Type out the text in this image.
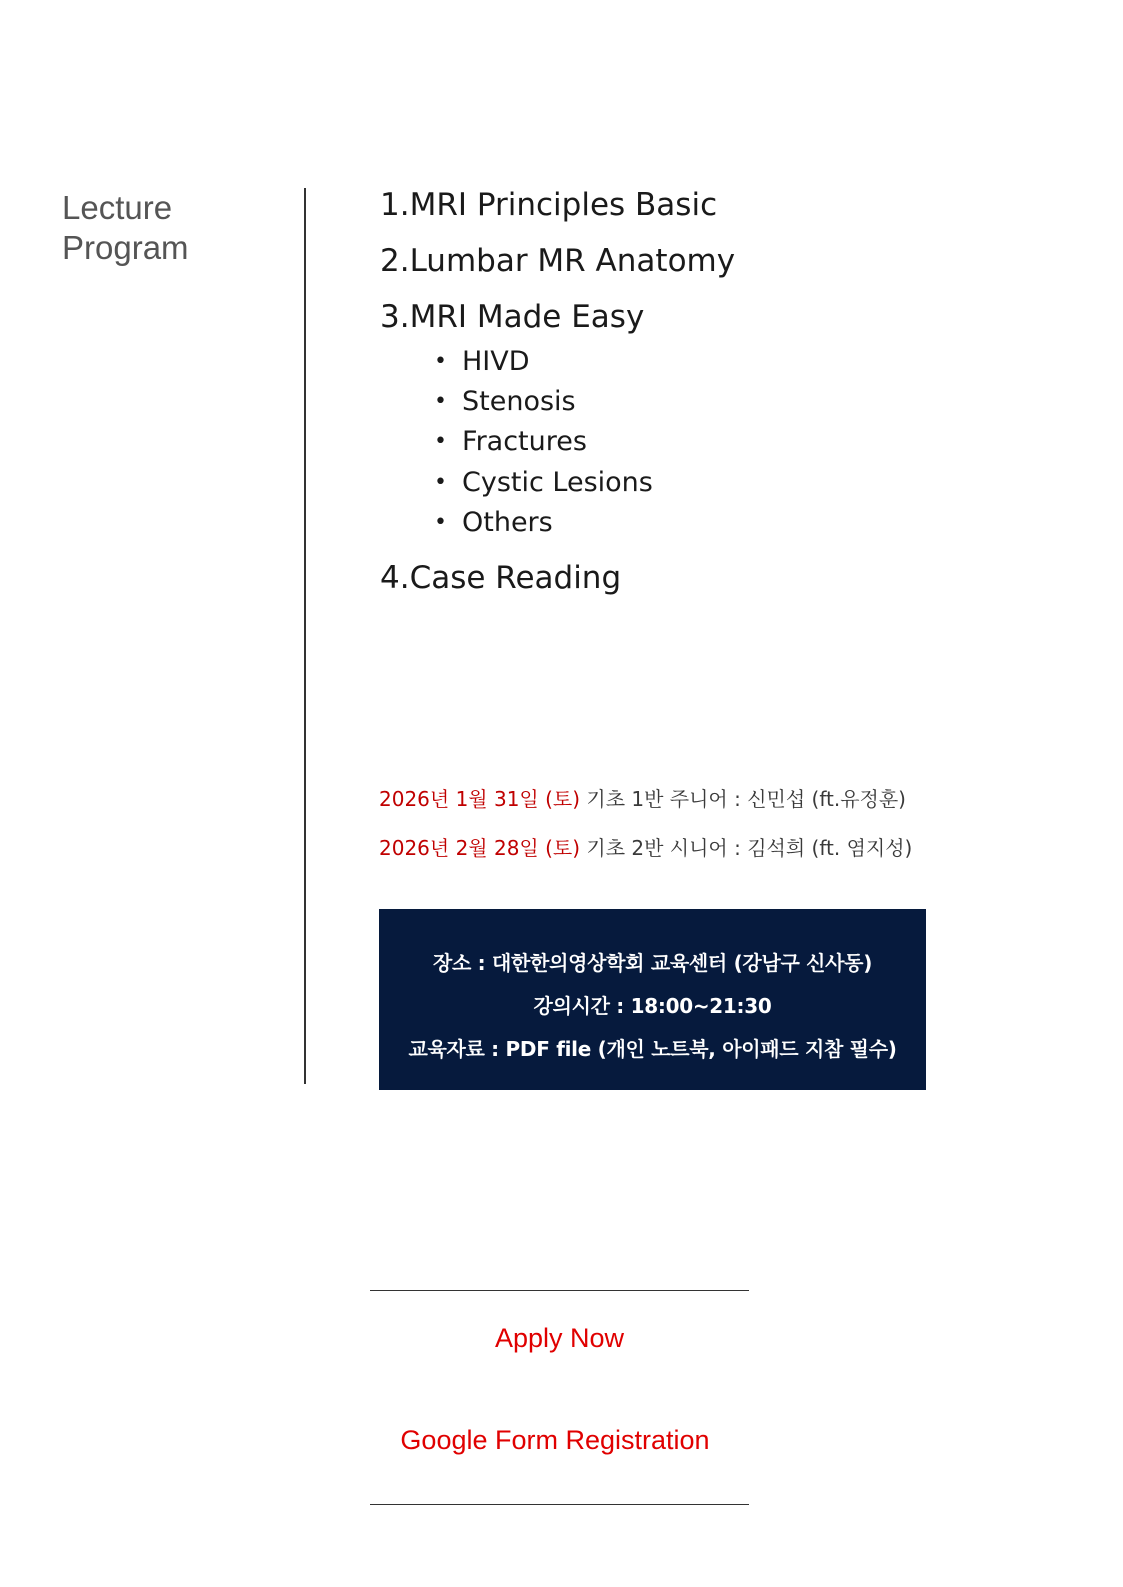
Lecture
Program
1.MRI Principles Basic
2.Lumbar MR Anatomy
3.MRI Made Easy
• HIVD
• Stenosis
• Fractures
• Cystic Lesions
• Others
4.Case Reading
2026년 1월 31일 (토) 기초 1반 주니어 : 신민섭 (ft.유정훈)
2026년 2월 28일 (토) 기초 2반 시니어 : 김석희 (ft. 염지성)
장소 : 대한한의영상학회 교육센터 (강남구 신사동)
강의시간 : 18:00~21:30
교육자료 : PDF file (개인 노트북, 아이패드 지참 필수)
Apply Now
Google Form Registration
